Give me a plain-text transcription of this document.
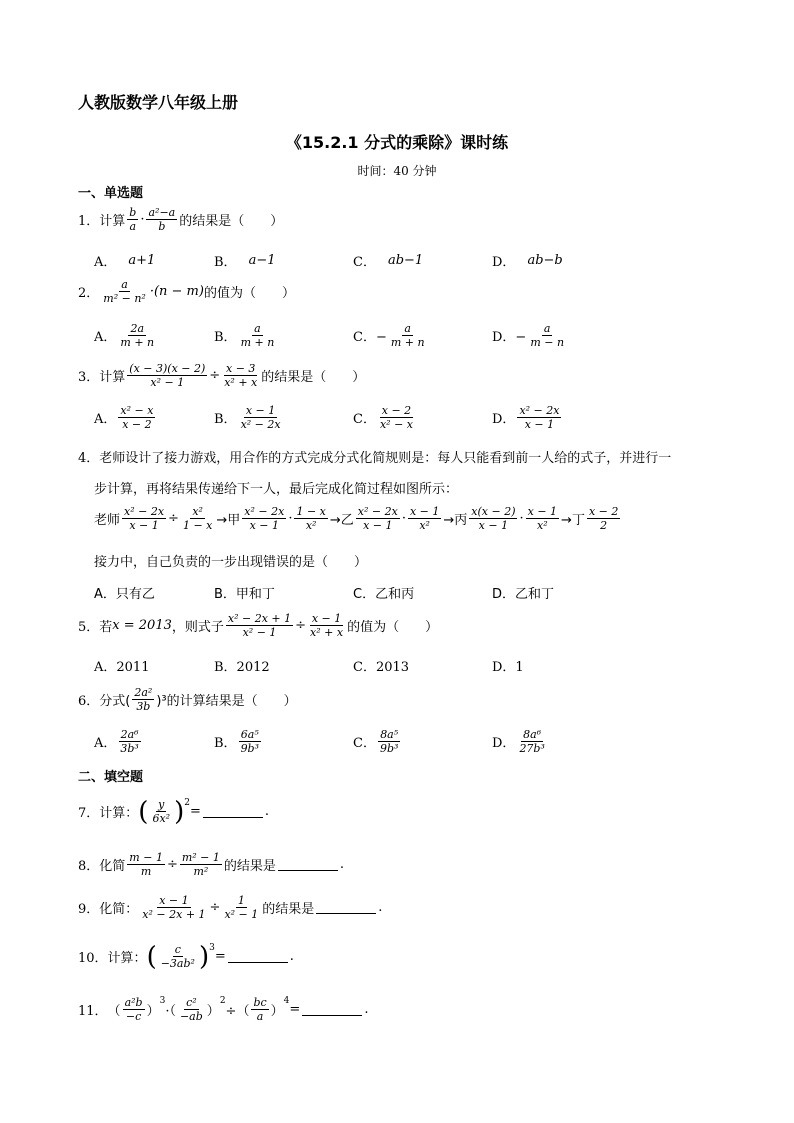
人教版数学八年级上册
《15.2.1 分式的乘除》课时练
时间：40 分钟
一、单选题
1． 计算 $\frac{b}{a} \cdot \frac{\text{a²−a}}{b}$ 的结果是（　　）
A． a+1	B． a−1	C． ab−1	D． ab−b
2． $\frac{a}{\text{m² − n²}} \cdot(n - m)$ 的值为（　　）
A． $\frac{2a}{m + n}$	B． $\frac{a}{m + n}$	C．− $\frac{a}{m + n}$	D．− $\frac{a}{m - n}$
3． 计算 $\frac{(x - 3)(x - 2)}{\text{x² − 1}} \div \frac{x - 3}{\text{x² + x}}$ 的结果是（　　）
A． $\frac{\text{x² − x}}{x - 2}$	B． $\frac{x - 1}{\text{x² − 2x}}$	C． $\frac{x - 2}{\text{x² − x}}$	D． $\frac{\text{x² − 2x}}{x - 1}$
4． 老师设计了接力游戏，用合作的方式完成分式化简规则是：每人只能看到前一人给的式子，并进行一
步计算，再将结果传递给下一人，最后完成化简过程如图所示：
老师 $\frac{\text{x² − 2x}}{x - 1} \div \frac{\text{x²}}{1 - x}$ →甲 $\frac{\text{x² − 2x}}{x - 1} \cdot \frac{1 - x}{\text{x²}}$ →乙 $\frac{\text{x² − 2x}}{x - 1} \cdot \frac{x - 1}{\text{x²}}$ →丙 $\frac{x(x - 2)}{x - 1} \cdot \frac{x - 1}{\text{x²}}$ →丁 $\frac{x - 2}{2}$
接力中，自己负责的一步出现错误的是（　　）
A．只有乙	B．甲和丁	C．乙和丙	D．乙和丁
5． 若 x = 2013 ，则式子 $\frac{\text{x² − 2x + 1}}{\text{x² − 1}} \div \frac{x - 1}{\text{x² + x}}$ 的值为（　　）
A．2011	B．2012	C．2013	D．1
6． 分式( $\frac{\text{2a²}}{3b} )^3$的计算结果是（　　）
A． $\frac{\text{2a⁶}}{\text{3b³}}$	B． $\frac{\text{6a⁵}}{\text{9b³}}$	C． $\frac{\text{8a⁵}}{\text{9b³}}$	D． $\frac{\text{8a⁶}}{\text{27b³}}$
二、填空题
7． 计算： ( $\frac{y}{\text{6x²}}$ ) 2
=	.
8． 化简 $\frac{m - 1}{m} \div \frac{\text{m² − 1}}{\text{m²}}$ 的结果是	.
9． 化简： $\frac{x - 1}{\text{x² − 2x + 1}} \div \frac{1}{\text{x² − 1}}$ 的结果是	.
10． 计算： ( $\frac{c}{\text{−3ab²}}$ ) 3
=	.
11． （ $\frac{\text{a²b}}{-c}$ ）
3
·（ $\frac{\text{c²}}{-ab}$ ）
2
÷（ $\frac{bc}{a}$ ）
4
=	.
